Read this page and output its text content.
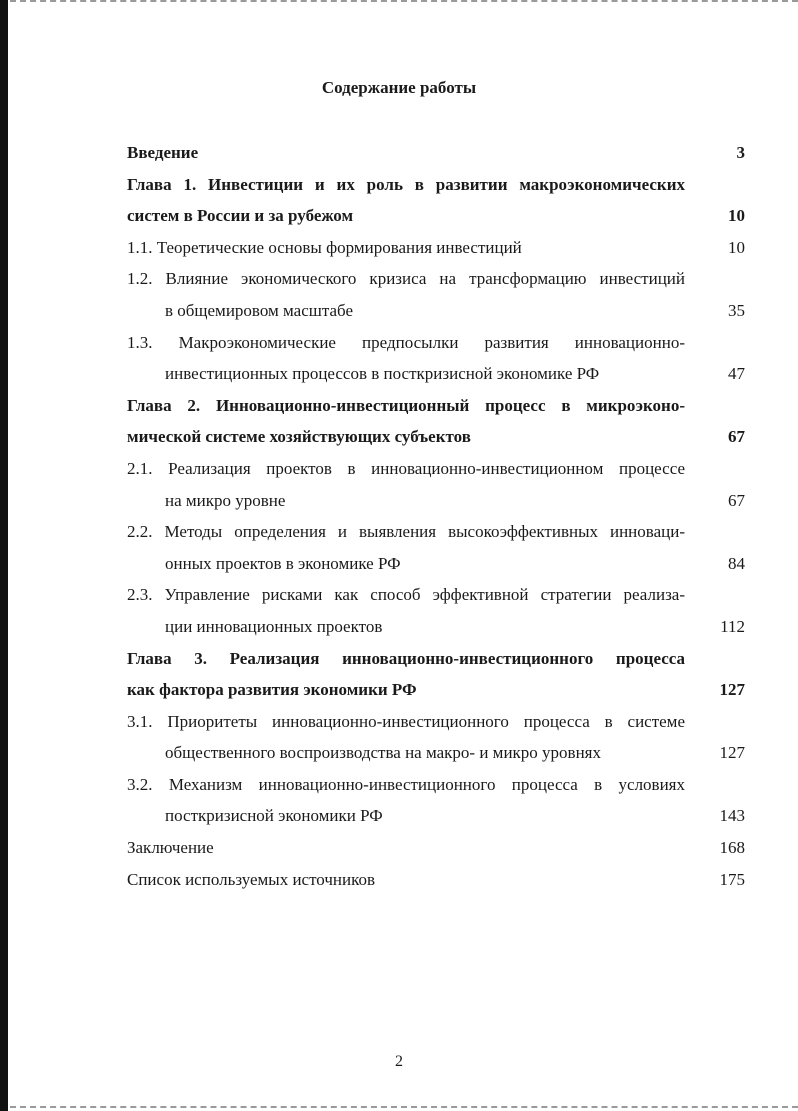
Содержание работы
Введение	3
Глава 1. Инвестиции и их роль в развитии макроэкономических
систем в России и за рубежом	10
1.1. Теоретические основы формирования инвестиций	10
1.2. Влияние экономического кризиса на трансформацию инвестиций
в общемировом масштабе	35
1.3. Макроэкономические предпосылки развития инновационно-
инвестиционных процессов в посткризисной экономике РФ	47
Глава 2. Инновационно-инвестиционный процесс в микроэконо-
мической системе хозяйствующих субъектов	67
2.1. Реализация проектов в инновационно-инвестиционном процессе
на микро уровне	67
2.2. Методы определения и выявления высокоэффективных инноваци-
онных проектов в экономике РФ	84
2.3. Управление рисками как способ эффективной стратегии реализа-
ции инновационных проектов	112
Глава 3. Реализация инновационно-инвестиционного процесса
как фактора развития экономики РФ	127
3.1. Приоритеты инновационно-инвестиционного процесса в системе
общественного воспроизводства на макро- и микро уровнях	127
3.2. Механизм инновационно-инвестиционного процесса в условиях
посткризисной экономики РФ	143
Заключение	168
Список используемых источников	175
2
